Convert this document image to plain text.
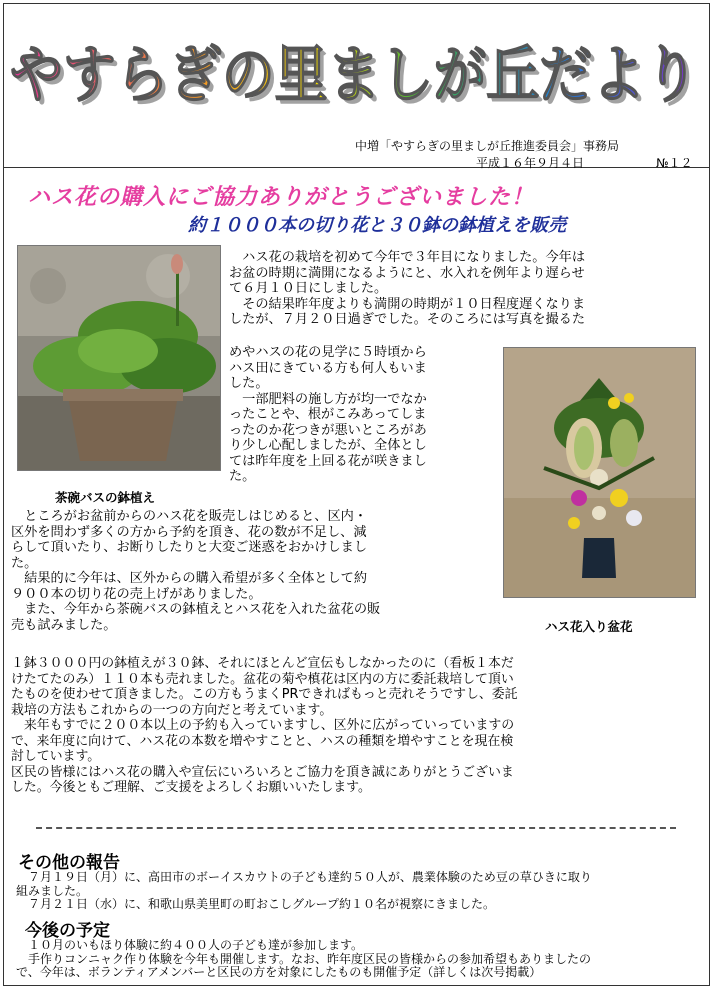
やすらぎの里ましが丘だより
やすらぎの里ましが丘だより
中増「やすらぎの里ましが丘推進委員会」事務局
平成１６年９月４日	№１２
ハス花の購入にご協力ありがとうございました！
約１０００本の切り花と３０鉢の鉢植えを販売
茶碗バスの鉢植え
ハス花入り盆花

　ハス花の栽培を初めて今年で３年目になりました。今年は

お盆の時期に満開になるようにと、水入れを例年より遅らせ

て６月１０日にしました。

　その結果昨年度よりも満開の時期が１０日程度遅くなりま

したが、７月２０日過ぎでした。そのころには写真を撮るた

めやハスの花の見学に５時頃から

ハス田にきている方も何人もいま

した。

　一部肥料の施し方が均一でなか

ったことや、根がこみあってしま

ったのか花つきが悪いところがあ

り少し心配しましたが、全体とし

ては昨年度を上回る花が咲きまし

た。

　ところがお盆前からのハス花を販売しはじめると、区内・

区外を問わず多くの方から予約を頂き、花の数が不足し、減

らして頂いたり、お断りしたりと大変ご迷惑をおかけしまし

た。

　結果的に今年は、区外からの購入希望が多く全体として約

９００本の切り花の売上げがありました。

　また、今年から茶碗バスの鉢植えとハス花を入れた盆花の販

売も試みました。

１鉢３０００円の鉢植えが３０鉢、それにほとんど宣伝もしなかったのに（看板１本だ

けたてたのみ）１１０本も売れました。盆花の菊や槙花は区内の方に委託栽培して頂い

たものを使わせて頂きました。この方もうまくPRできればもっと売れそうですし、委託

栽培の方法もこれからの一つの方向だと考えています。

　来年もすでに２００本以上の予約も入っていますし、区外に広がっていっていますの

で、来年度に向けて、ハス花の本数を増やすことと、ハスの種類を増やすことを現在検

討しています。

区民の皆様にはハス花の購入や宣伝にいろいろとご協力を頂き誠にありがとうございま

した。今後ともご理解、ご支援をよろしくお願いいたします。

その他の報告

　７月１９日（月）に、高田市のボーイスカウトの子ども達約５０人が、農業体験のため豆の草ひきに取り

組みました。

　７月２１日（水）に、和歌山県美里町の町おこしグループ約１０名が視察にきました。

今後の予定

　１０月のいもほり体験に約４００人の子ども達が参加します。

　手作りコンニャク作り体験を今年も開催します。なお、昨年度区民の皆様からの参加希望もありましたの

で、今年は、ボランティアメンバーと区民の方を対象にしたものも開催予定（詳しくは次号掲載）
